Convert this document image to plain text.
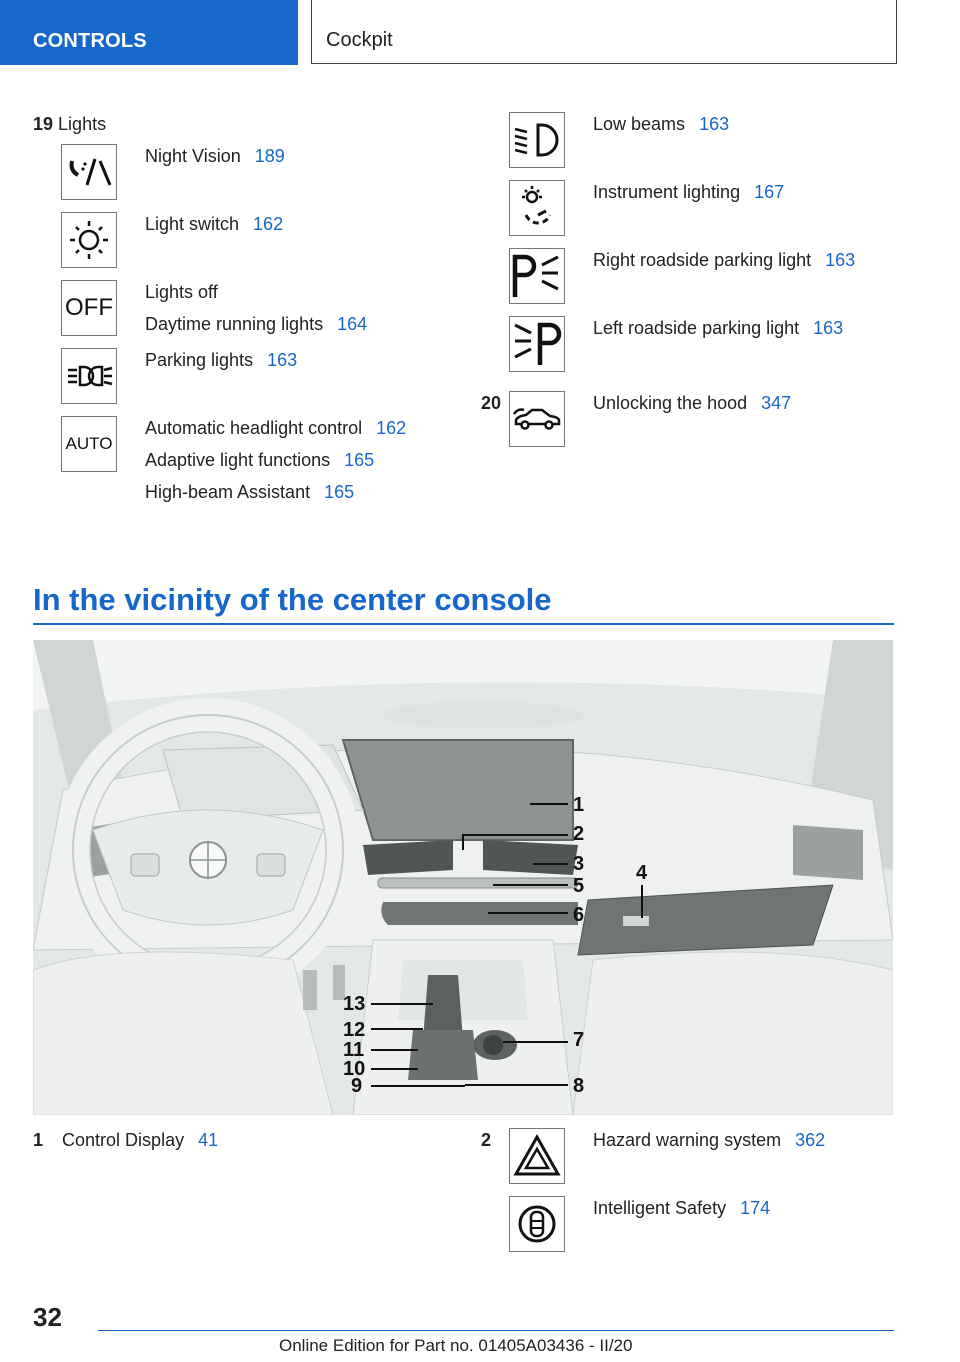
CONTROLS	Cockpit
19 Lights
Night Vision 189
Light switch 162
OFF
Lights off
Daytime running lights 164
Parking lights 163
AUTO
Automatic headlight control 162
Adaptive light functions 165
High-beam Assistant 165
Low beams 163
Instrument lighting 167
Right roadside parking light 163
Left roadside parking light 163
20	Unlocking the hood 347
In the vicinity of the center console
1
2
3	4
5
6
7
8
9
10
11
12
13
1 Control Display 41	2	Hazard warning system 362
Intelligent Safety 174
32
Online Edition for Part no. 01405A03436 - II/20
